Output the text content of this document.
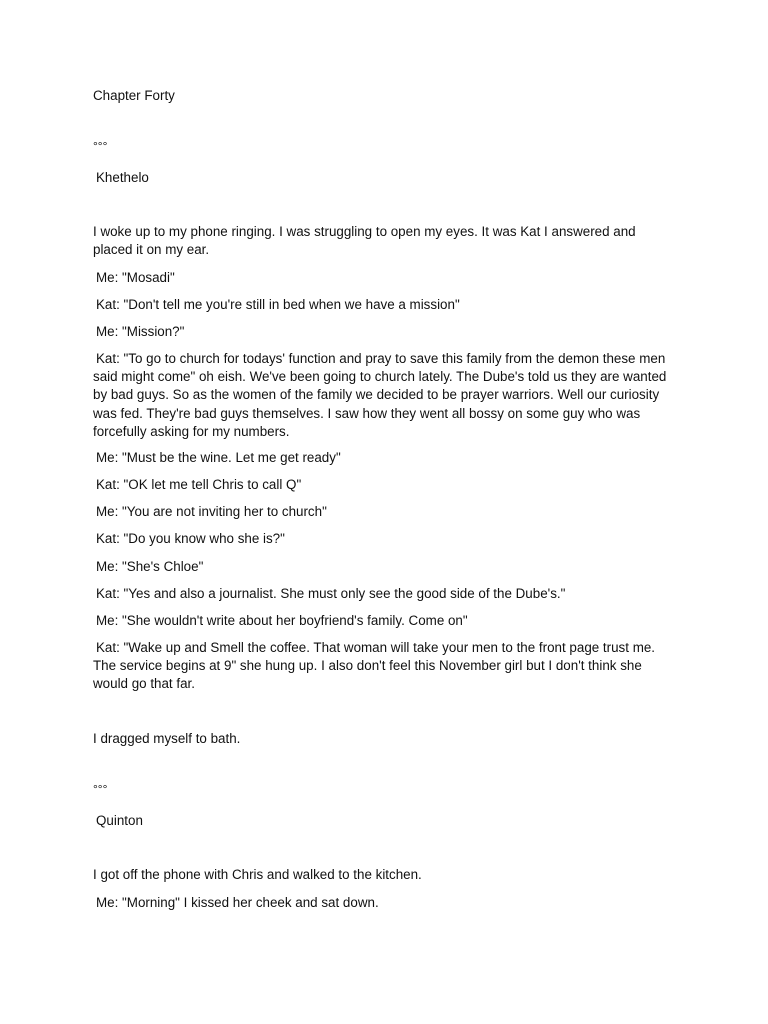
Chapter Forty

°°°

Khethelo

I woke up to my phone ringing. I was struggling to open my eyes. It was Kat I answered and placed it on my ear.

Me: "Mosadi"

Kat: "Don't tell me you're still in bed when we have a mission"

Me: "Mission?"

Kat: "To go to church for todays' function and pray to save this family from the demon these men said might come" oh eish. We've been going to church lately. The Dube's told us they are wanted by bad guys. So as the women of the family we decided to be prayer warriors. Well our curiosity was fed. They're bad guys themselves. I saw how they went all bossy on some guy who was forcefully asking for my numbers.

Me: "Must be the wine. Let me get ready"

Kat: "OK let me tell Chris to call Q"

Me: "You are not inviting her to church"

Kat: "Do you know who she is?"

Me: "She's Chloe"

Kat: "Yes and also a journalist. She must only see the good side of the Dube's."

Me: "She wouldn't write about her boyfriend's family. Come on"

Kat: "Wake up and Smell the coffee. That woman will take your men to the front page trust me. The service begins at 9" she hung up. I also don't feel this November girl but I don't think she would go that far.

I dragged myself to bath.

°°°

Quinton

I got off the phone with Chris and walked to the kitchen.

Me: "Morning" I kissed her cheek and sat down.
